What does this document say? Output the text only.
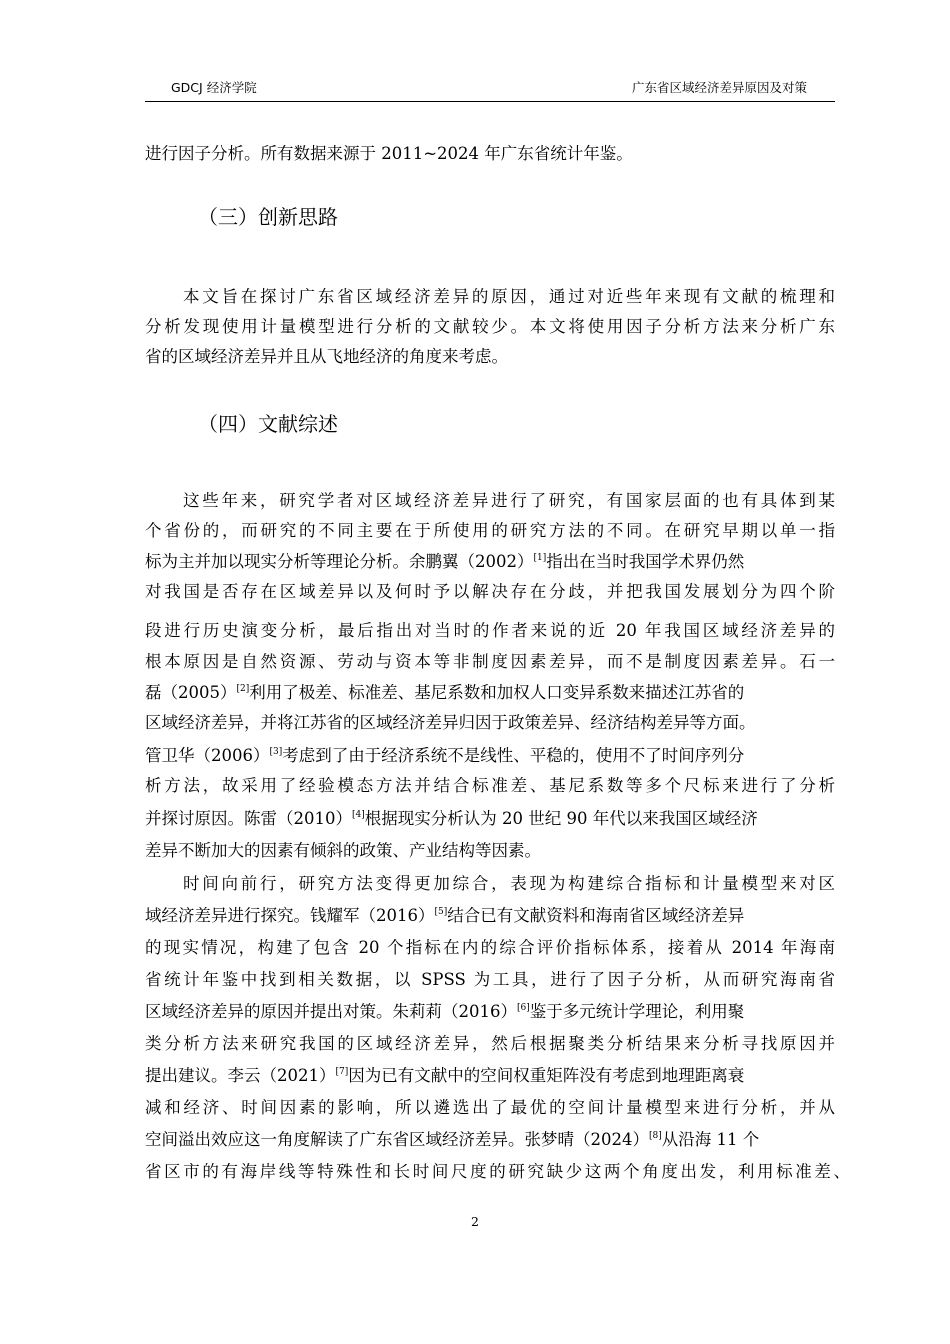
GDCJ 经济学院	广东省区域经济差异原因及对策
进行因子分析。所有数据来源于 2011~2024 年广东省统计年鉴。
（三）创新思路
本文旨在探讨广东省区域经济差异的原因，通过对近些年来现有文献的梳理和
分析发现使用计量模型进行分析的文献较少。本文将使用因子分析方法来分析广东
省的区域经济差异并且从飞地经济的角度来考虑。
（四）文献综述
这些年来，研究学者对区域经济差异进行了研究，有国家层面的也有具体到某
个省份的，而研究的不同主要在于所使用的研究方法的不同。在研究早期以单一指
标为主并加以现实分析等理论分析。余鹏翼（2002）[1]指出在当时我国学术界仍然
对我国是否存在区域差异以及何时予以解决存在分歧，并把我国发展划分为四个阶
段进行历史演变分析，最后指出对当时的作者来说的近 20 年我国区域经济差异的
根本原因是自然资源、劳动与资本等非制度因素差异，而不是制度因素差异。石一
磊（2005）[2]利用了极差、标准差、基尼系数和加权人口变异系数来描述江苏省的
区域经济差异，并将江苏省的区域经济差异归因于政策差异、经济结构差异等方面。
管卫华（2006）[3]考虑到了由于经济系统不是线性、平稳的，使用不了时间序列分
析方法，故采用了经验模态方法并结合标准差、基尼系数等多个尺标来进行了分析
并探讨原因。陈雷（2010）[4]根据现实分析认为 20 世纪 90 年代以来我国区域经济
差异不断加大的因素有倾斜的政策、产业结构等因素。
时间向前行，研究方法变得更加综合，表现为构建综合指标和计量模型来对区
域经济差异进行探究。钱耀军（2016）[5]结合已有文献资料和海南省区域经济差异
的现实情况，构建了包含 20 个指标在内的综合评价指标体系，接着从 2014 年海南
省统计年鉴中找到相关数据，以 SPSS 为工具，进行了因子分析，从而研究海南省
区域经济差异的原因并提出对策。朱莉莉（2016）[6]鉴于多元统计学理论，利用聚
类分析方法来研究我国的区域经济差异，然后根据聚类分析结果来分析寻找原因并
提出建议。李云（2021）[7]因为已有文献中的空间权重矩阵没有考虑到地理距离衰
减和经济、时间因素的影响，所以遴选出了最优的空间计量模型来进行分析，并从
空间溢出效应这一角度解读了广东省区域经济差异。张梦晴（2024）[8]从沿海 11 个
省区市的有海岸线等特殊性和长时间尺度的研究缺少这两个角度出发，利用标准差、
2
